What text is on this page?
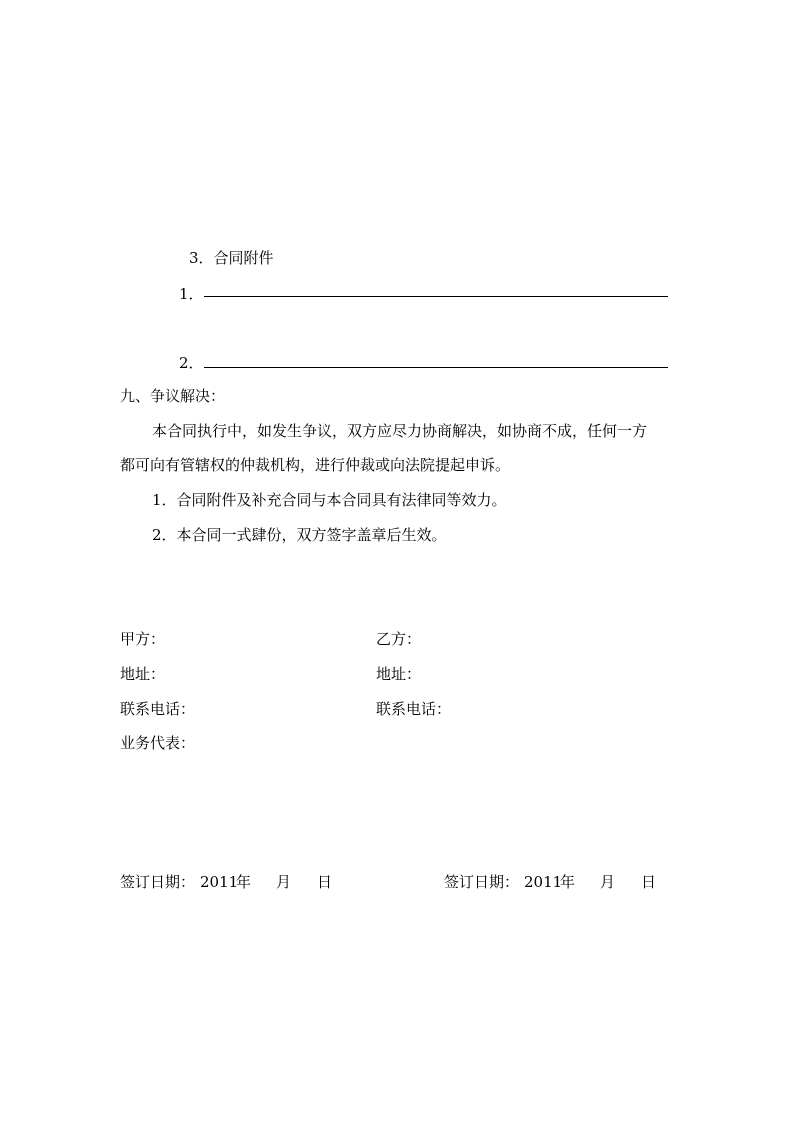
3．合同附件
1．
2．
九、争议解决：
本合同执行中，如发生争议，双方应尽力协商解决，如协商不成，任何一方
都可向有管辖权的仲裁机构，进行仲裁或向法院提起申诉。
1．合同附件及补充合同与本合同具有法律同等效力。
2．本合同一式肆份，双方签字盖章后生效。
甲方：
地址：
联系电话：
业务代表：
乙方：
地址：
联系电话：
签订日期： 2011
年 月 日	签订日期： 2011
年 月 日
